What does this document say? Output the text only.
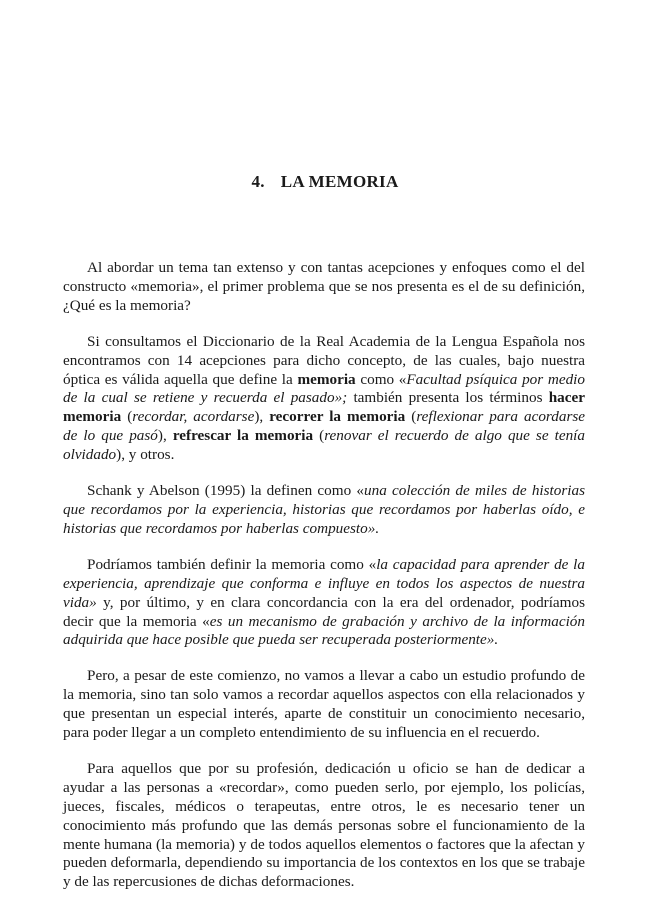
4. LA MEMORIA

Al abordar un tema tan extenso y con tantas acepciones y enfoques como el del constructo «memoria», el primer problema que se nos presenta es el de su definición, ¿Qué es la memoria?

Si consultamos el Diccionario de la Real Academia de la Lengua Española nos encontramos con 14 acepciones para dicho concepto, de las cuales, bajo nuestra óptica es válida aquella que define la memoria como «Facultad psíquica por medio de la cual se retiene y recuerda el pasado»; también presenta los términos hacer memoria (recordar, acordarse), recorrer la memoria (reflexionar para acordarse de lo que pasó), refrescar la memoria (renovar el recuerdo de algo que se tenía olvidado), y otros.

Schank y Abelson (1995) la definen como «una colección de miles de historias que recordamos por la experiencia, historias que recordamos por haberlas oído, e historias que recordamos por haberlas compuesto».

Podríamos también definir la memoria como «la capacidad para aprender de la experiencia, aprendizaje que conforma e influye en todos los aspectos de nuestra vida» y, por último, y en clara concordancia con la era del ordenador, podríamos decir que la memoria «es un mecanismo de grabación y archivo de la información adquirida que hace posible que pueda ser recuperada posteriormente».

Pero, a pesar de este comienzo, no vamos a llevar a cabo un estudio profundo de la memoria, sino tan solo vamos a recordar aquellos aspectos con ella relacionados y que presentan un especial interés, aparte de constituir un conocimiento necesario, para poder llegar a un completo entendimiento de su influencia en el recuerdo.

Para aquellos que por su profesión, dedicación u oficio se han de dedicar a ayudar a las personas a «recordar», como pueden serlo, por ejemplo, los policías, jueces, fiscales, médicos o terapeutas, entre otros, le es necesario tener un conocimiento más profundo que las demás personas sobre el funcionamiento de la mente humana (la memoria) y de todos aquellos elementos o factores que la afectan y pueden deformarla, dependiendo su importancia de los contextos en los que se trabaje y de las repercusiones de dichas deformaciones.
